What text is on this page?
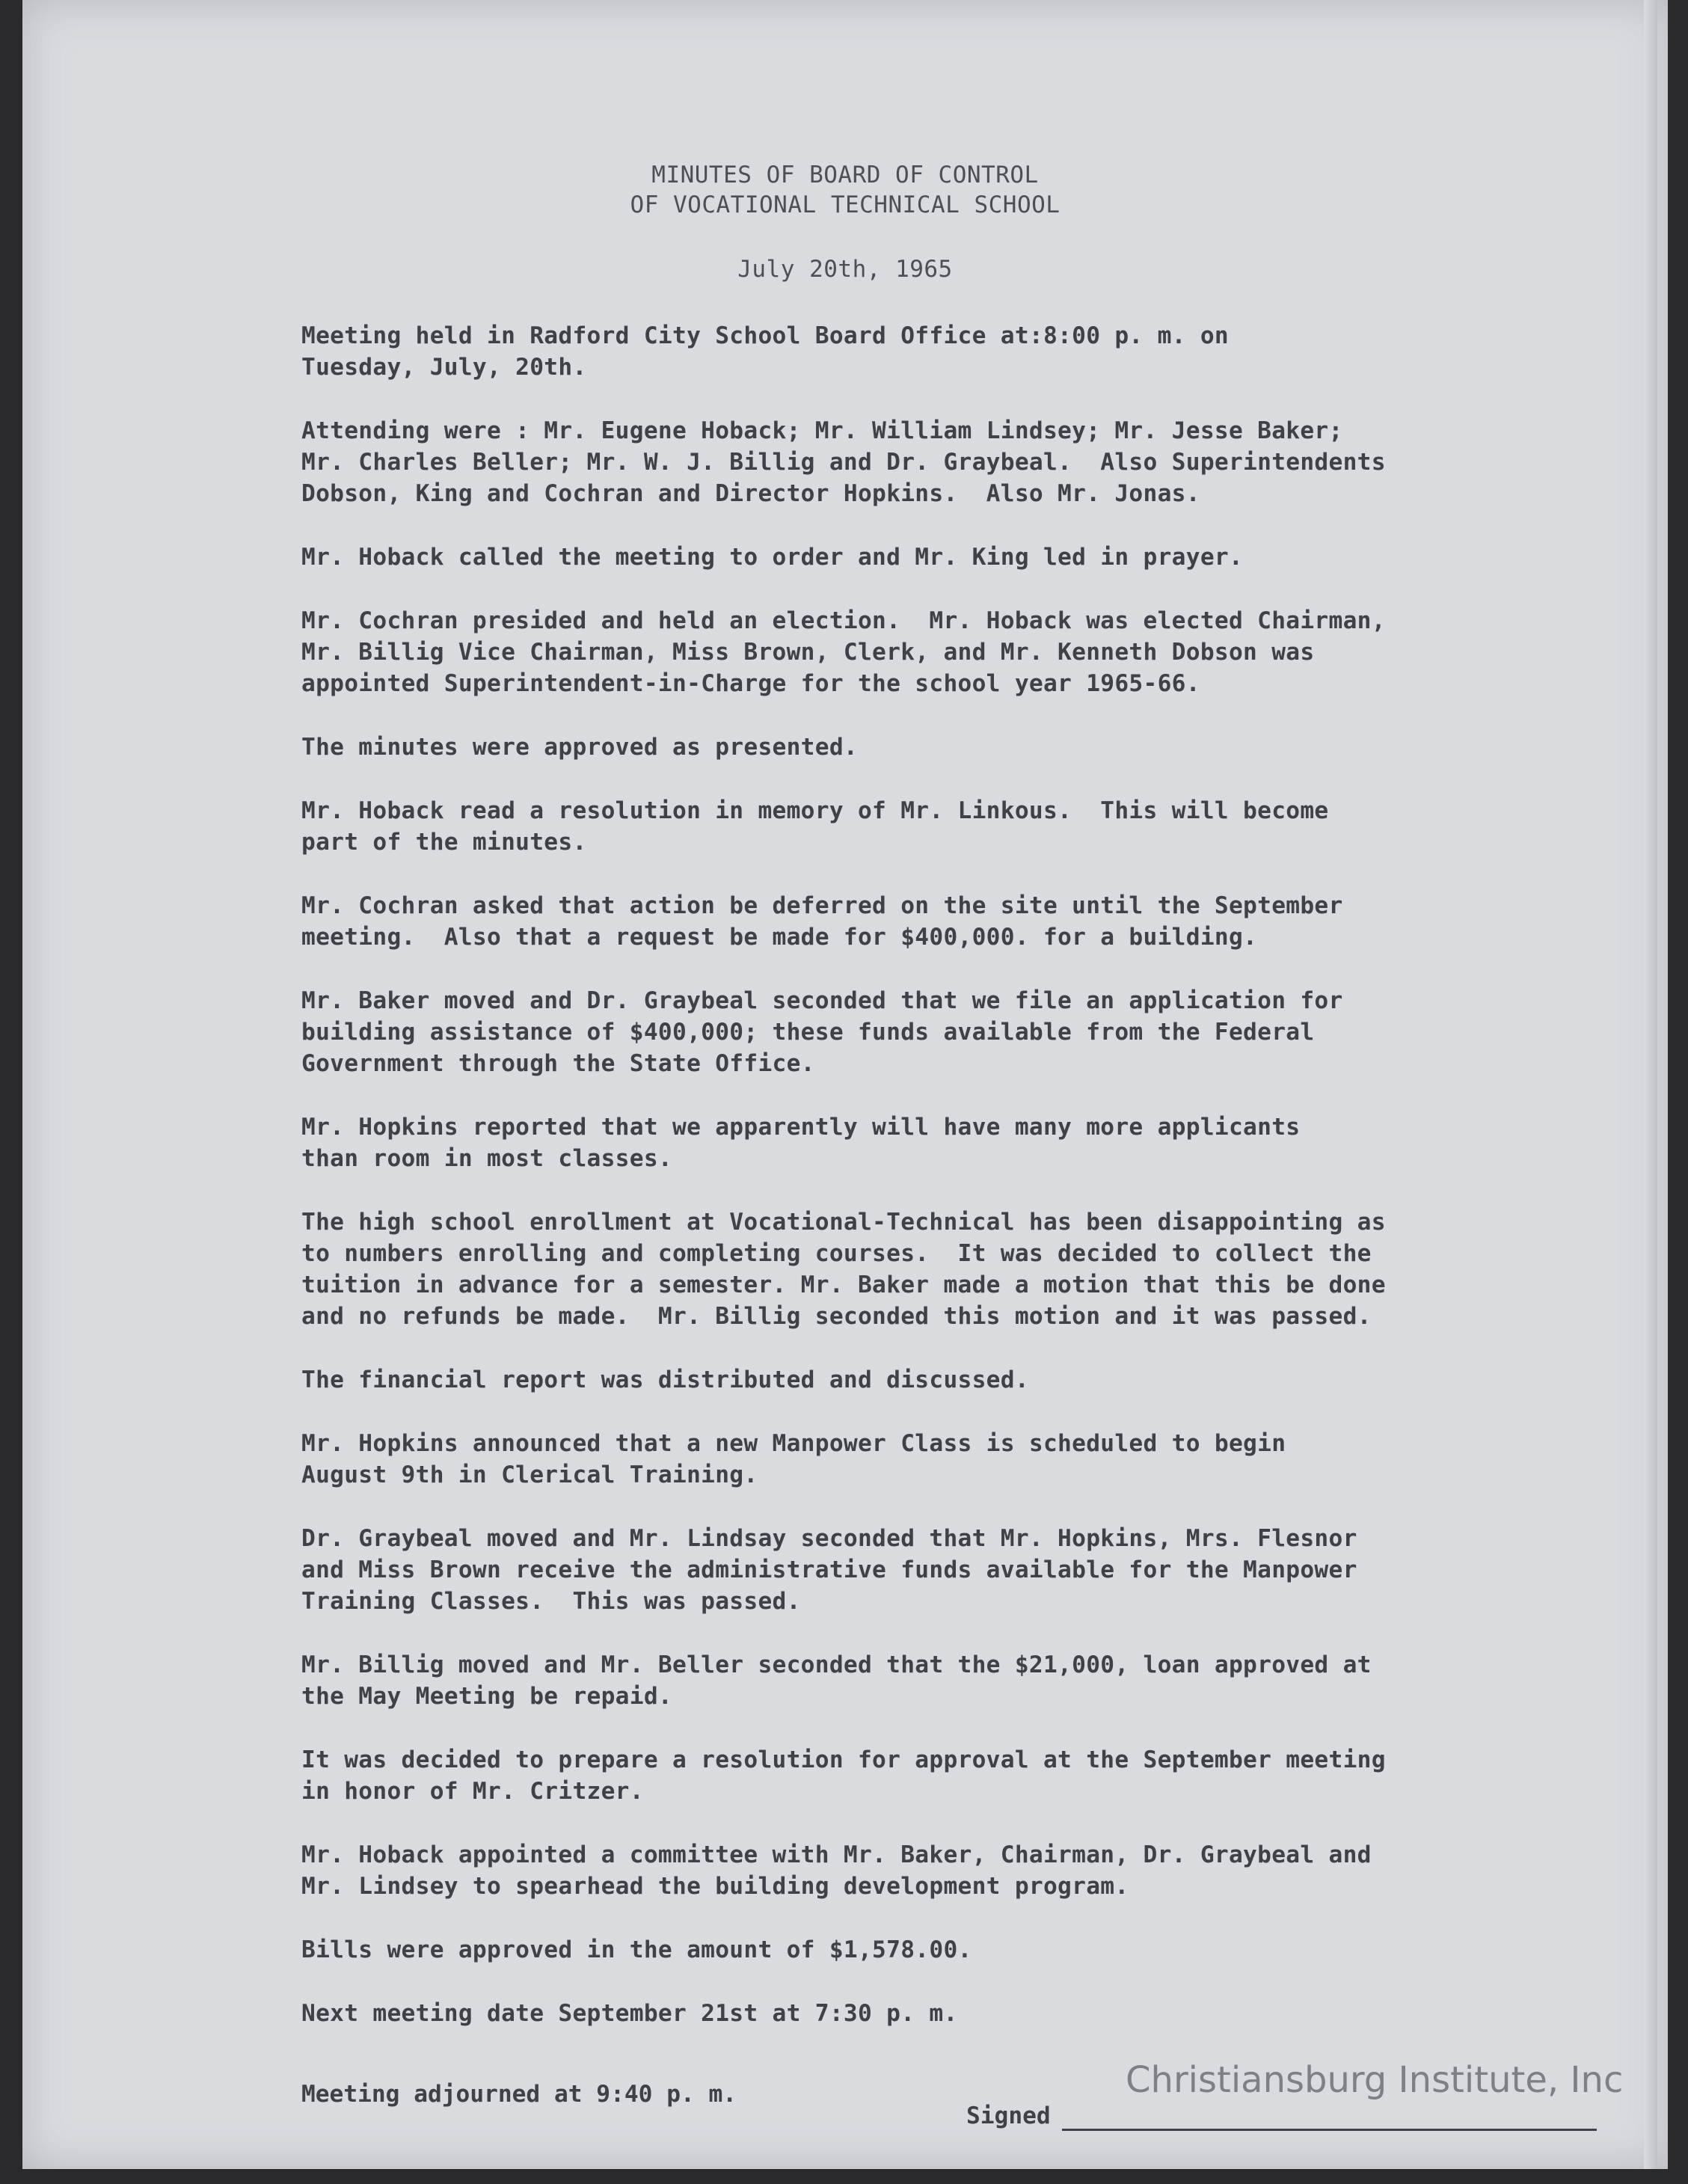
MINUTES OF BOARD OF CONTROL
OF VOCATIONAL TECHNICAL SCHOOL
July 20th, 1965
Meeting held in Radford City School Board Office at:8:00 p. m. on
Tuesday, July, 20th.
Attending were : Mr. Eugene Hoback; Mr. William Lindsey; Mr. Jesse Baker;
Mr. Charles Beller; Mr. W. J. Billig and Dr. Graybeal.  Also Superintendents
Dobson, King and Cochran and Director Hopkins.  Also Mr. Jonas.
Mr. Hoback called the meeting to order and Mr. King led in prayer.
Mr. Cochran presided and held an election.  Mr. Hoback was elected Chairman,
Mr. Billig Vice Chairman, Miss Brown, Clerk, and Mr. Kenneth Dobson was
appointed Superintendent-in-Charge for the school year 1965-66.
The minutes were approved as presented.
Mr. Hoback read a resolution in memory of Mr. Linkous.  This will become
part of the minutes.
Mr. Cochran asked that action be deferred on the site until the September
meeting.  Also that a request be made for $400,000. for a building.
Mr. Baker moved and Dr. Graybeal seconded that we file an application for
building assistance of $400,000; these funds available from the Federal
Government through the State Office.
Mr. Hopkins reported that we apparently will have many more applicants
than room in most classes.
The high school enrollment at Vocational-Technical has been disappointing as
to numbers enrolling and completing courses.  It was decided to collect the
tuition in advance for a semester. Mr. Baker made a motion that this be done
and no refunds be made.  Mr. Billig seconded this motion and it was passed.
The financial report was distributed and discussed.
Mr. Hopkins announced that a new Manpower Class is scheduled to begin
August 9th in Clerical Training.
Dr. Graybeal moved and Mr. Lindsay seconded that Mr. Hopkins, Mrs. Flesnor
and Miss Brown receive the administrative funds available for the Manpower
Training Classes.  This was passed.
Mr. Billig moved and Mr. Beller seconded that the $21,000, loan approved at
the May Meeting be repaid.
It was decided to prepare a resolution for approval at the September meeting
in honor of Mr. Critzer.
Mr. Hoback appointed a committee with Mr. Baker, Chairman, Dr. Graybeal and
Mr. Lindsey to spearhead the building development program.
Bills were approved in the amount of $1,578.00.
Next meeting date September 21st at 7:30 p. m.
Meeting adjourned at 9:40 p. m.
Signed
Christiansburg Institute, Inc
